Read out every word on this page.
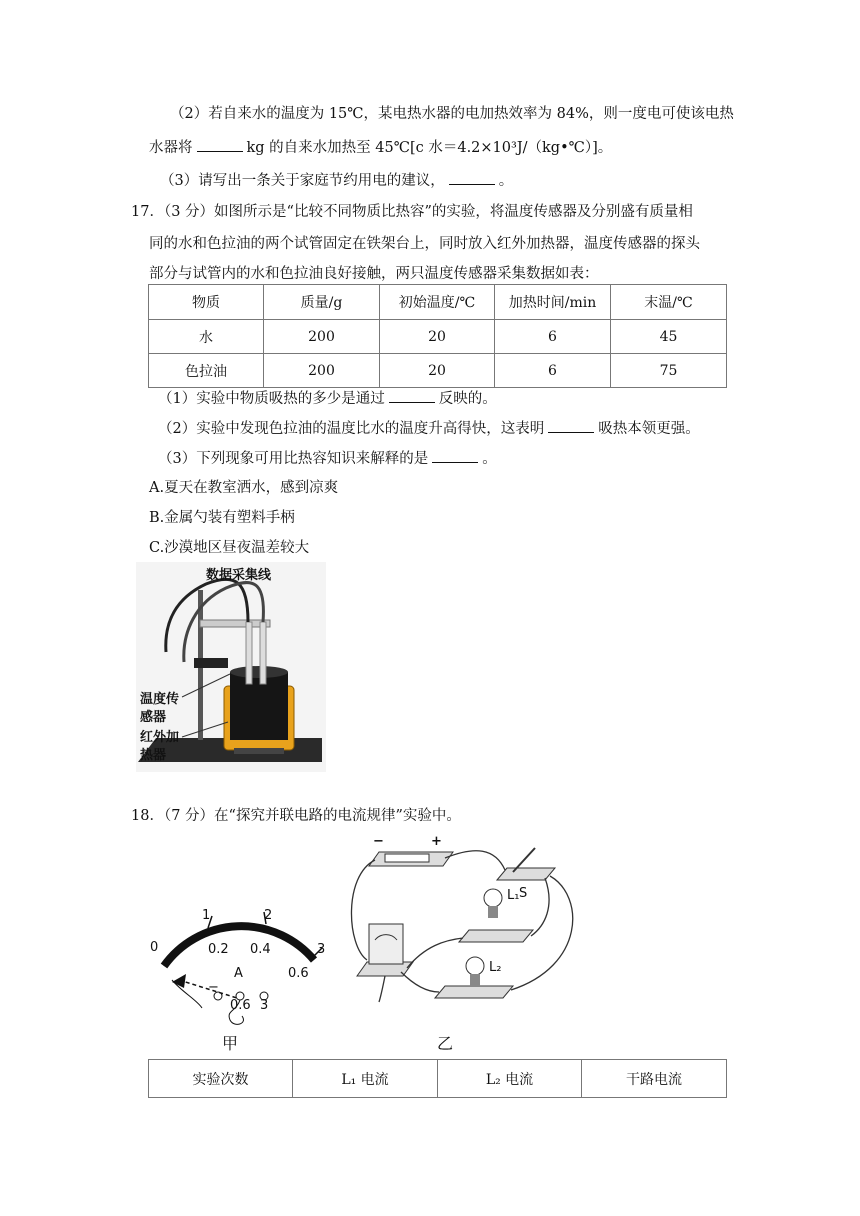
（2）若自来水的温度为 15℃，某电热水器的电加热效率为 84%，则一度电可使该电热
水器将	kg 的自来水加热至 45℃[c 水＝4.2×10³J/（kg•℃）]。
（3）请写出一条关于家庭节约用电的建议，	。
17．（3 分）如图所示是“比较不同物质比热容”的实验，将温度传感器及分别盛有质量相
同的水和色拉油的两个试管固定在铁架台上，同时放入红外加热器，温度传感器的探头
部分与试管内的水和色拉油良好接触，两只温度传感器采集数据如表：
物质	质量/g	初始温度/℃	加热时间/min	末温/℃
水	200	20	6	45
色拉油	200	20	6	75
（1）实验中物质吸热的多少是通过	反映的。
（2）实验中发现色拉油的温度比水的温度升高得快，这表明	吸热本领更强。
（3）下列现象可用比热容知识来解释的是	。
A.夏天在教室洒水，感到凉爽
B.金属勺装有塑料手柄
C.沙漠地区昼夜温差较大
数据采集线
温度传
感器
红外加
热器
18．（7 分）在“探究并联电路的电流规律”实验中。
0
1	2
3
0.2 0.4
0.6
A
−
0.6 3
甲
−	+
S
L₁
L₂
乙
实验次数	L₁ 电流	L₂ 电流	干路电流
